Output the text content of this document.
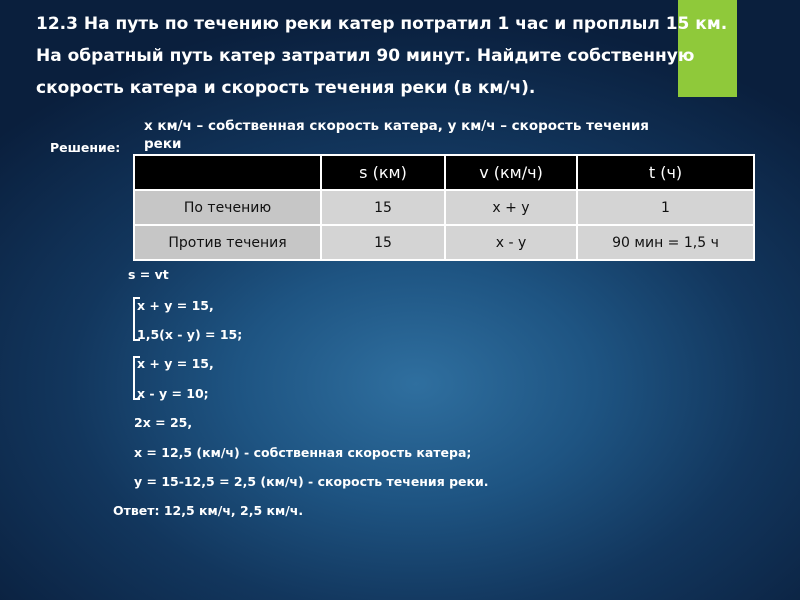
12.3 На путь по течению реки катер потратил 1 час и проплыл 15 км.
На обратный путь катер затратил 90 минут. Найдите собственную
скорость катера и скорость течения реки (в км/ч).
Решение:
x км/ч – собственная скорость катера, y км/ч – скорость течения
реки
	s (км)	v (км/ч)	t (ч)
По течению	15	x + y	1
Против течения	15	x - y	90 мин = 1,5 ч
s = vt
x + y = 15,
1,5(x - y) = 15;
x + y = 15,
x - y = 10;
2x = 25,
x = 12,5 (км/ч) - собственная скорость катера;
y = 15-12,5 = 2,5 (км/ч) - скорость течения реки.
Ответ: 12,5 км/ч, 2,5 км/ч.
